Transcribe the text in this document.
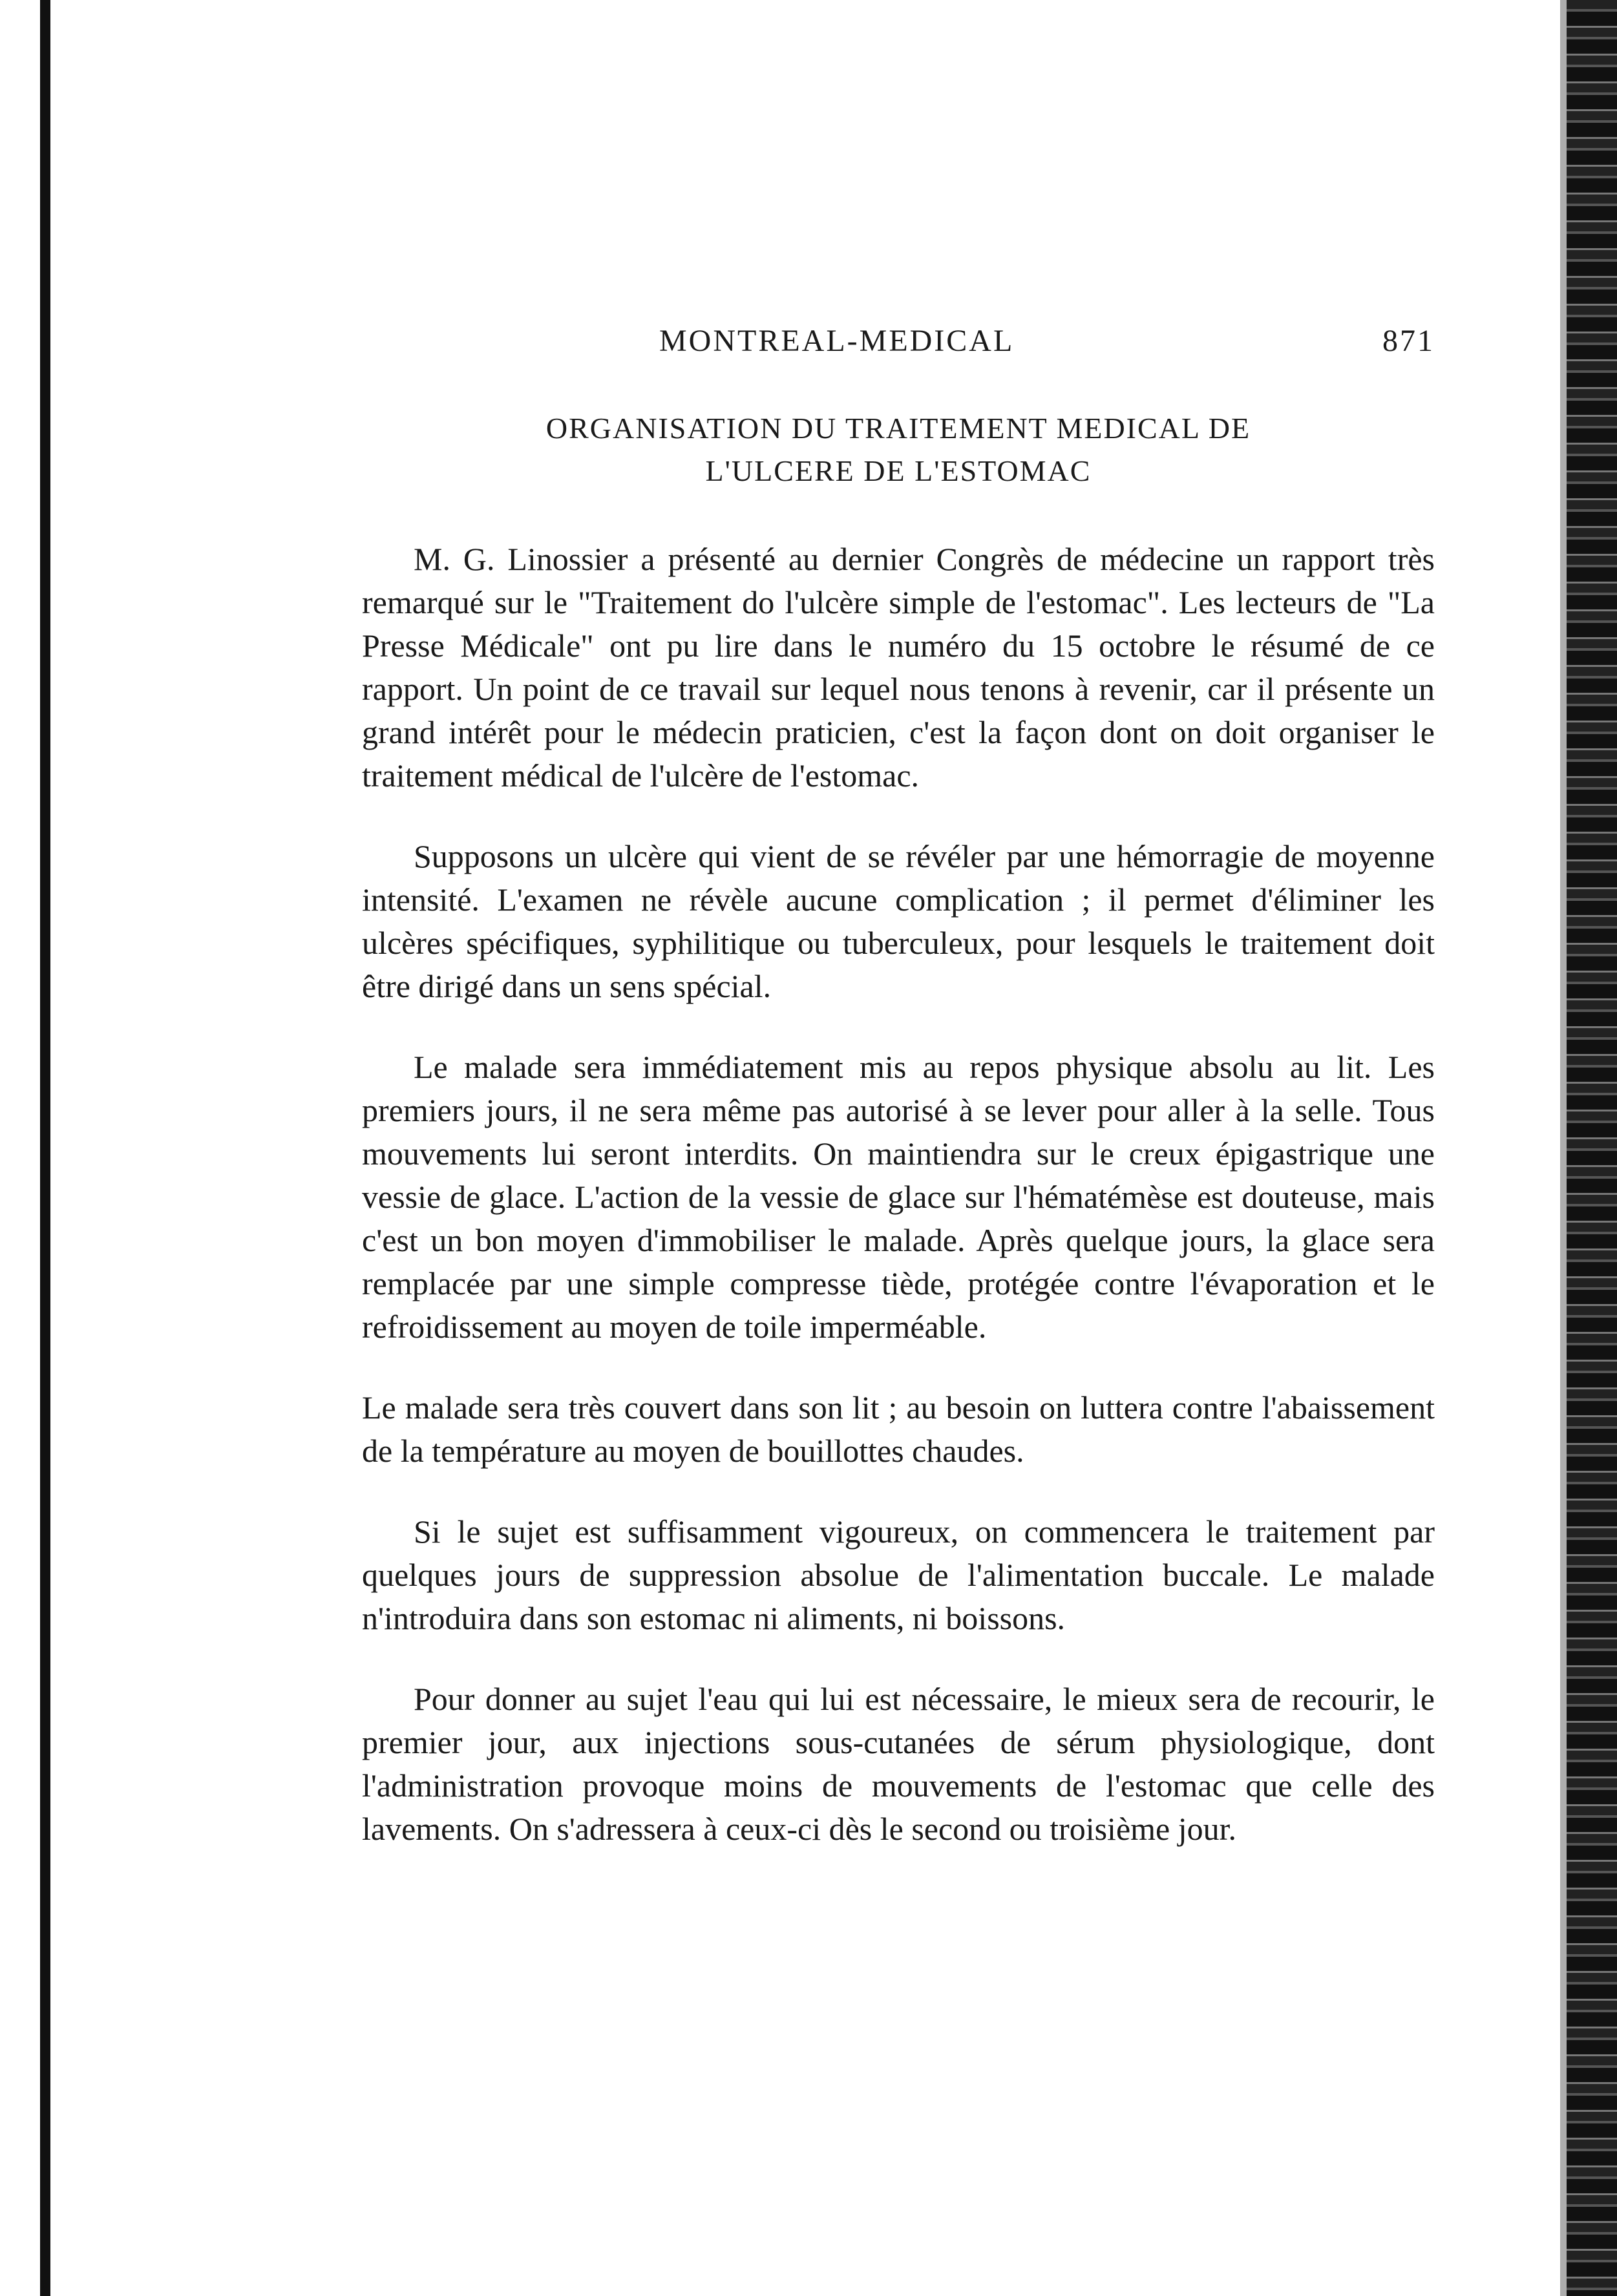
MONTREAL-MEDICAL	871
ORGANISATION DU TRAITEMENT MEDICAL DE
L'ULCERE DE L'ESTOMAC

M. G. Linossier a présenté au dernier Congrès de médecine un rapport très remarqué sur le "Traitement do l'ulcère simple de l'estomac". Les lecteurs de "La Presse Médicale" ont pu lire dans le numéro du 15 octobre le résumé de ce rapport. Un point de ce travail sur lequel nous tenons à revenir, car il présente un grand intérêt pour le médecin praticien, c'est la façon dont on doit organiser le traitement médical de l'ulcère de l'estomac.

Supposons un ulcère qui vient de se révéler par une hémorragie de moyenne intensité. L'examen ne révèle aucune complication ; il permet d'éliminer les ulcères spécifiques, syphilitique ou tuberculeux, pour lesquels le traitement doit être dirigé dans un sens spécial.

Le malade sera immédiatement mis au repos physique absolu au lit. Les premiers jours, il ne sera même pas autorisé à se lever pour aller à la selle. Tous mouvements lui seront interdits. On maintiendra sur le creux épigastrique une vessie de glace. L'action de la vessie de glace sur l'hématémèse est douteuse, mais c'est un bon moyen d'immobiliser le malade. Après quelque jours, la glace sera remplacée par une simple compresse tiède, protégée contre l'évaporation et le refroidissement au moyen de toile imperméable.

Le malade sera très couvert dans son lit ; au besoin on luttera contre l'abaissement de la température au moyen de bouillottes chaudes.

Si le sujet est suffisamment vigoureux, on commencera le traitement par quelques jours de suppression absolue de l'alimentation buccale. Le malade n'introduira dans son estomac ni aliments, ni boissons.

Pour donner au sujet l'eau qui lui est nécessaire, le mieux sera de recourir, le premier jour, aux injections sous-cutanées de sérum physiologique, dont l'administration provoque moins de mouvements de l'estomac que celle des lavements. On s'adressera à ceux-ci dès le second ou troisième jour.
